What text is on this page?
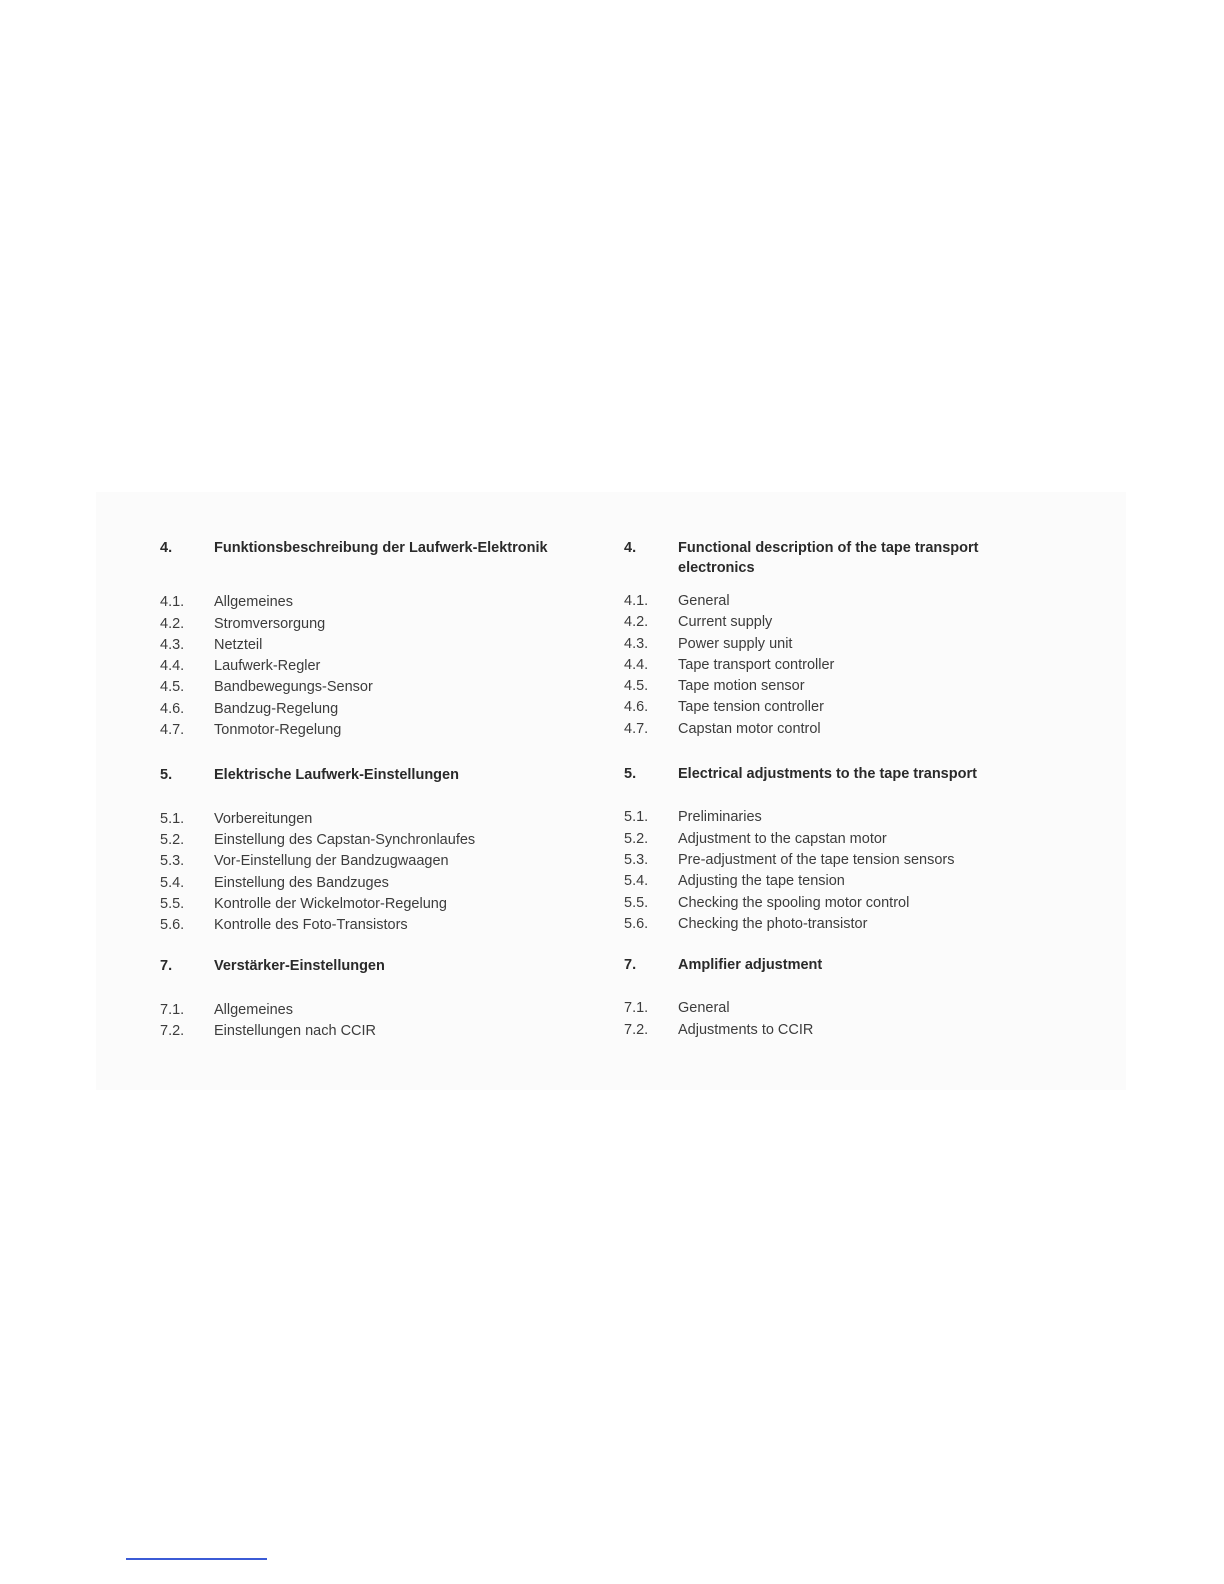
4.	Funktionsbeschreibung der Laufwerk-Elektronik
4.1.	Allgemeines
4.2.	Stromversorgung
4.3.	Netzteil
4.4.	Laufwerk-Regler
4.5.	Bandbewegungs-Sensor
4.6.	Bandzug-Regelung
4.7.	Tonmotor-Regelung
5.	Elektrische Laufwerk-Einstellungen
5.1.	Vorbereitungen
5.2.	Einstellung des Capstan-Synchronlaufes
5.3.	Vor-Einstellung der Bandzugwaagen
5.4.	Einstellung des Bandzuges
5.5.	Kontrolle der Wickelmotor-Regelung
5.6.	Kontrolle des Foto-Transistors
7.	Verstärker-Einstellungen
7.1.	Allgemeines
7.2.	Einstellungen nach CCIR
4.	Functional description of the tape transport electronics
4.1.	General
4.2.	Current supply
4.3.	Power supply unit
4.4.	Tape transport controller
4.5.	Tape motion sensor
4.6.	Tape tension controller
4.7.	Capstan motor control
5.	Electrical adjustments to the tape transport
5.1.	Preliminaries
5.2.	Adjustment to the capstan motor
5.3.	Pre-adjustment of the tape tension sensors
5.4.	Adjusting the tape tension
5.5.	Checking the spooling motor control
5.6.	Checking the photo-transistor
7.	Amplifier adjustment
7.1.	General
7.2.	Adjustments to CCIR
